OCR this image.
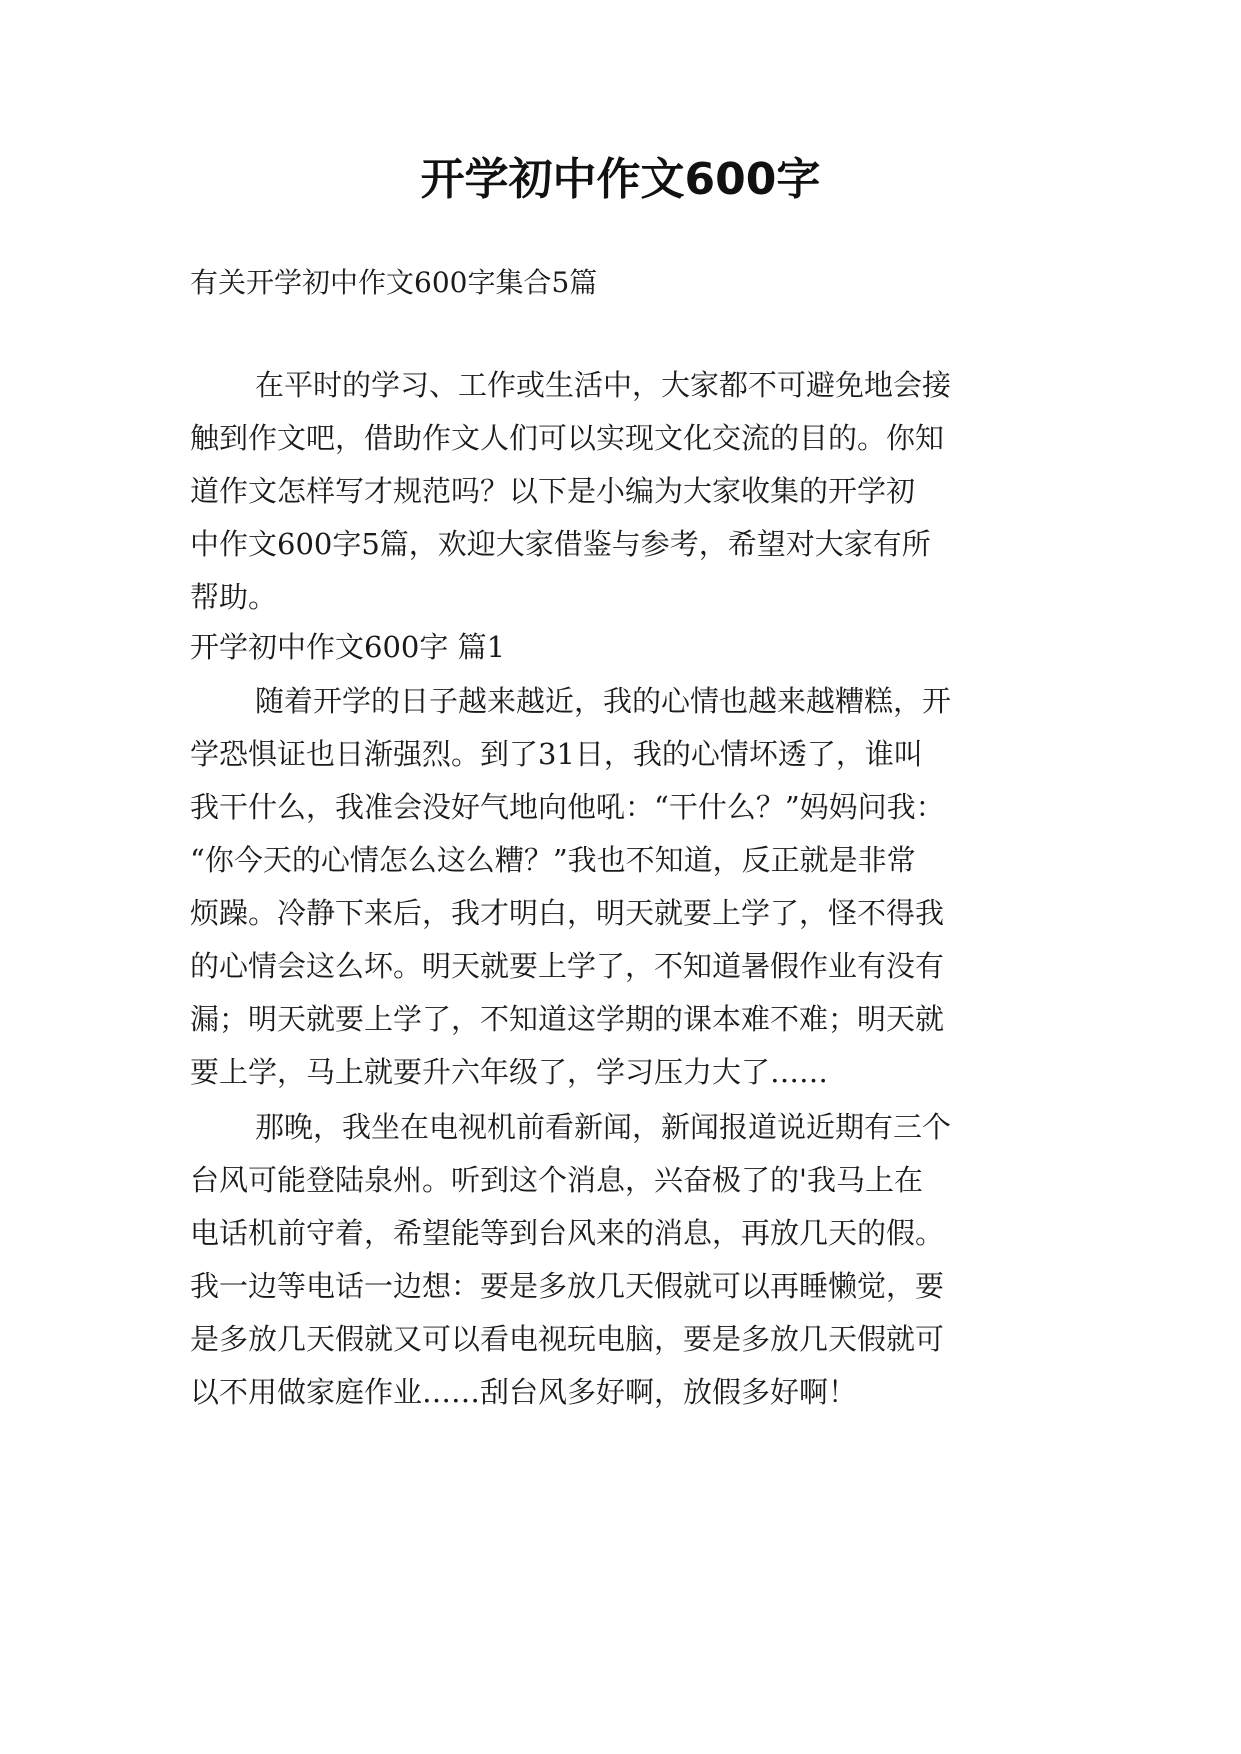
开学初中作文600字

有关开学初中作文600字集合5篇

在平时的学习、工作或生活中，大家都不可避免地会接

触到作文吧，借助作文人们可以实现文化交流的目的。你知

道作文怎样写才规范吗？以下是小编为大家收集的开学初

中作文600字5篇，欢迎大家借鉴与参考，希望对大家有所

帮助。

开学初中作文600字 篇1

随着开学的日子越来越近，我的心情也越来越糟糕，开

学恐惧证也日渐强烈。到了31日，我的心情坏透了，谁叫

我干什么，我准会没好气地向他吼：“干什么？”妈妈问我：

“你今天的心情怎么这么糟？”我也不知道，反正就是非常

烦躁。冷静下来后，我才明白，明天就要上学了，怪不得我

的心情会这么坏。明天就要上学了，不知道暑假作业有没有

漏；明天就要上学了，不知道这学期的课本难不难；明天就

要上学，马上就要升六年级了，学习压力大了……

那晚，我坐在电视机前看新闻，新闻报道说近期有三个

台风可能登陆泉州。听到这个消息，兴奋极了的'我马上在

电话机前守着，希望能等到台风来的消息，再放几天的假。

我一边等电话一边想：要是多放几天假就可以再睡懒觉，要

是多放几天假就又可以看电视玩电脑，要是多放几天假就可

以不用做家庭作业……刮台风多好啊，放假多好啊！
